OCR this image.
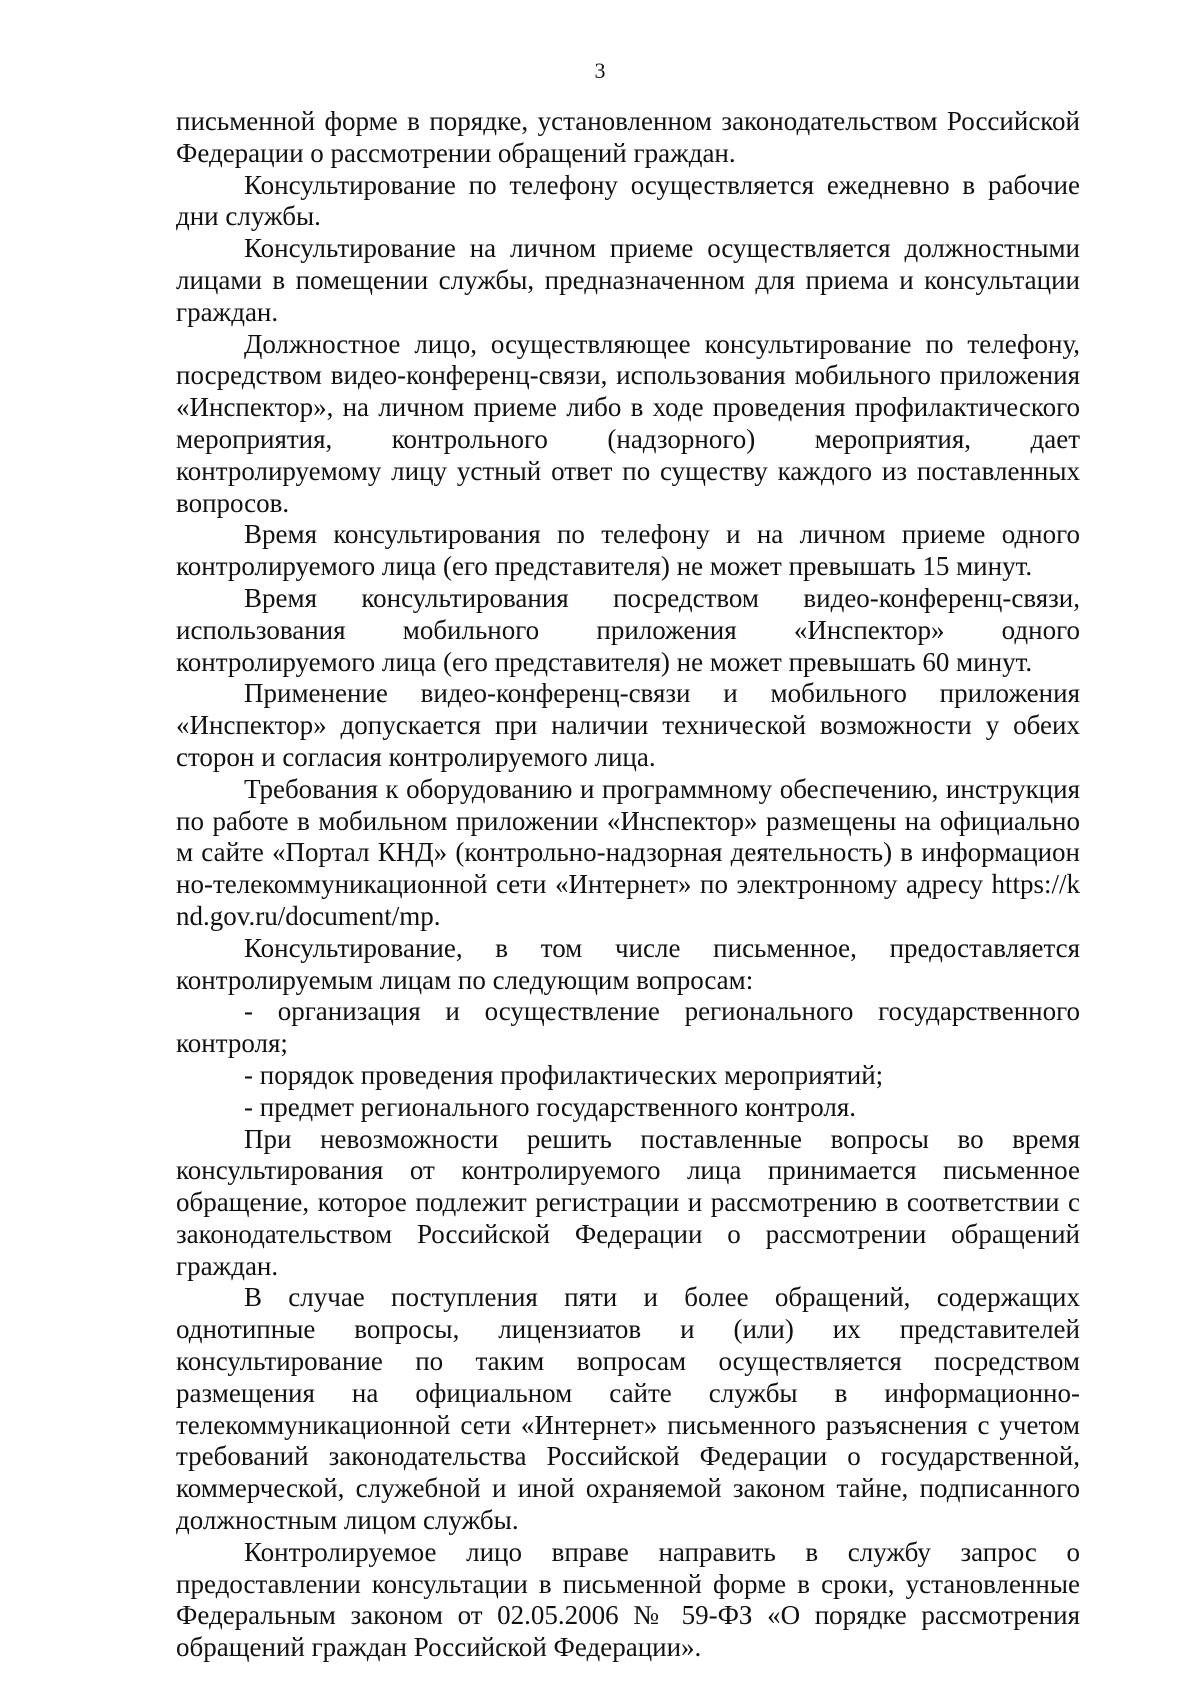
3

письменной форме в порядке, установленном законодательством Российской Федерации о рассмотрении обращений граждан.

Консультирование по телефону осуществляется ежедневно в рабочие дни службы.

Консультирование на личном приеме осуществляется должностными лицами в помещении службы, предназначенном для приема и консультации граждан.

Должностное лицо, осуществляющее консультирование по телефону, посредством видео-конференц-связи, использования мобильного приложения «Инспектор», на личном приеме либо в ходе проведения профилактического мероприятия, контрольного (надзорного) мероприятия, дает контролируемому лицу устный ответ по существу каждого из поставленных вопросов.

Время консультирования по телефону и на личном приеме одного контролируемого лица (его представителя) не может превышать 15 минут.

Время консультирования посредством видео-конференц-связи, использования мобильного приложения «Инспектор» одного контролируемого лица (его представителя) не может превышать 60 минут.

Применение видео-конференц-связи и мобильного приложения «Инспектор» допускается при наличии технической возможности у обеих сторон и согласия контролируемого лица.

Требования к оборудованию и программному обеспечению, инструкция по работе в мобильном приложении «Инспектор» размещены на официальном сайте «Портал КНД» (контрольно-надзорная деятельность) в информационно-телекоммуникационной сети «Интернет» по электронному адресу https://knd.gov.ru/document/mp.

Консультирование, в том числе письменное, предоставляется контролируемым лицам по следующим вопросам:

- организация и осуществление регионального государственного контроля;

- порядок проведения профилактических мероприятий;

- предмет регионального государственного контроля.

При невозможности решить поставленные вопросы во время консультирования от контролируемого лица принимается письменное обращение, которое подлежит регистрации и рассмотрению в соответствии с законодательством Российской Федерации о рассмотрении обращений граждан.

В случае поступления пяти и более обращений, содержащих однотипные вопросы, лицензиатов и (или) их представителей консультирование по таким вопросам осуществляется посредством размещения на официальном сайте службы в информационно-телекоммуникационной сети «Интернет» письменного разъяснения с учетом требований законодательства Российской Федерации о государственной, коммерческой, служебной и иной охраняемой законом тайне, подписанного должностным лицом службы.

Контролируемое лицо вправе направить в службу запрос о предоставлении консультации в письменной форме в сроки, установленные Федеральным законом от 02.05.2006 № 59-ФЗ «О порядке рассмотрения обращений граждан Российской Федерации».
